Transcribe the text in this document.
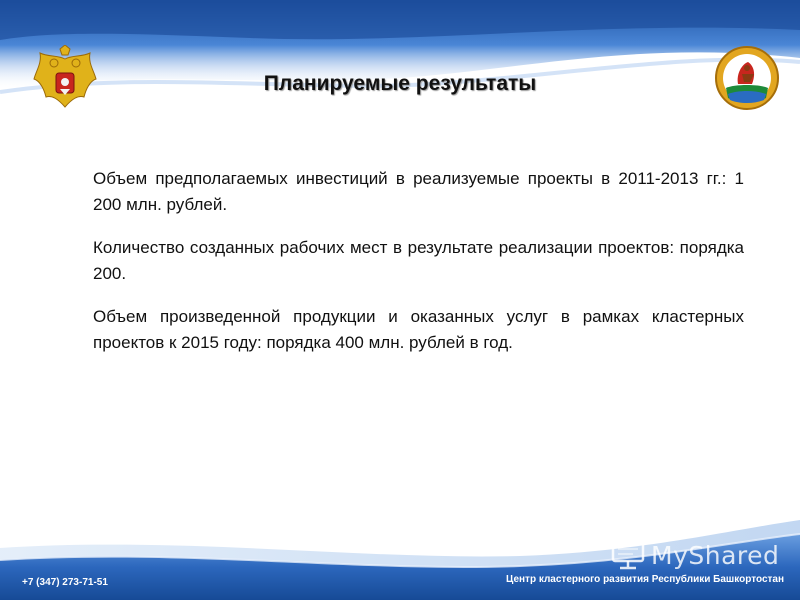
Планируемые результаты

Объем предполагаемых инвестиций в реализуемые проекты в 2011-2013 гг.: 1 200 млн. рублей.

Количество созданных рабочих мест в результате реализации проектов: порядка 200.

Объем произведенной продукции и оказанных услуг в рамках кластерных проектов к 2015 году: порядка 400 млн. рублей в год.

MyShared
+7 (347) 273-71-51	Центр кластерного развития Республики Башкортостан
